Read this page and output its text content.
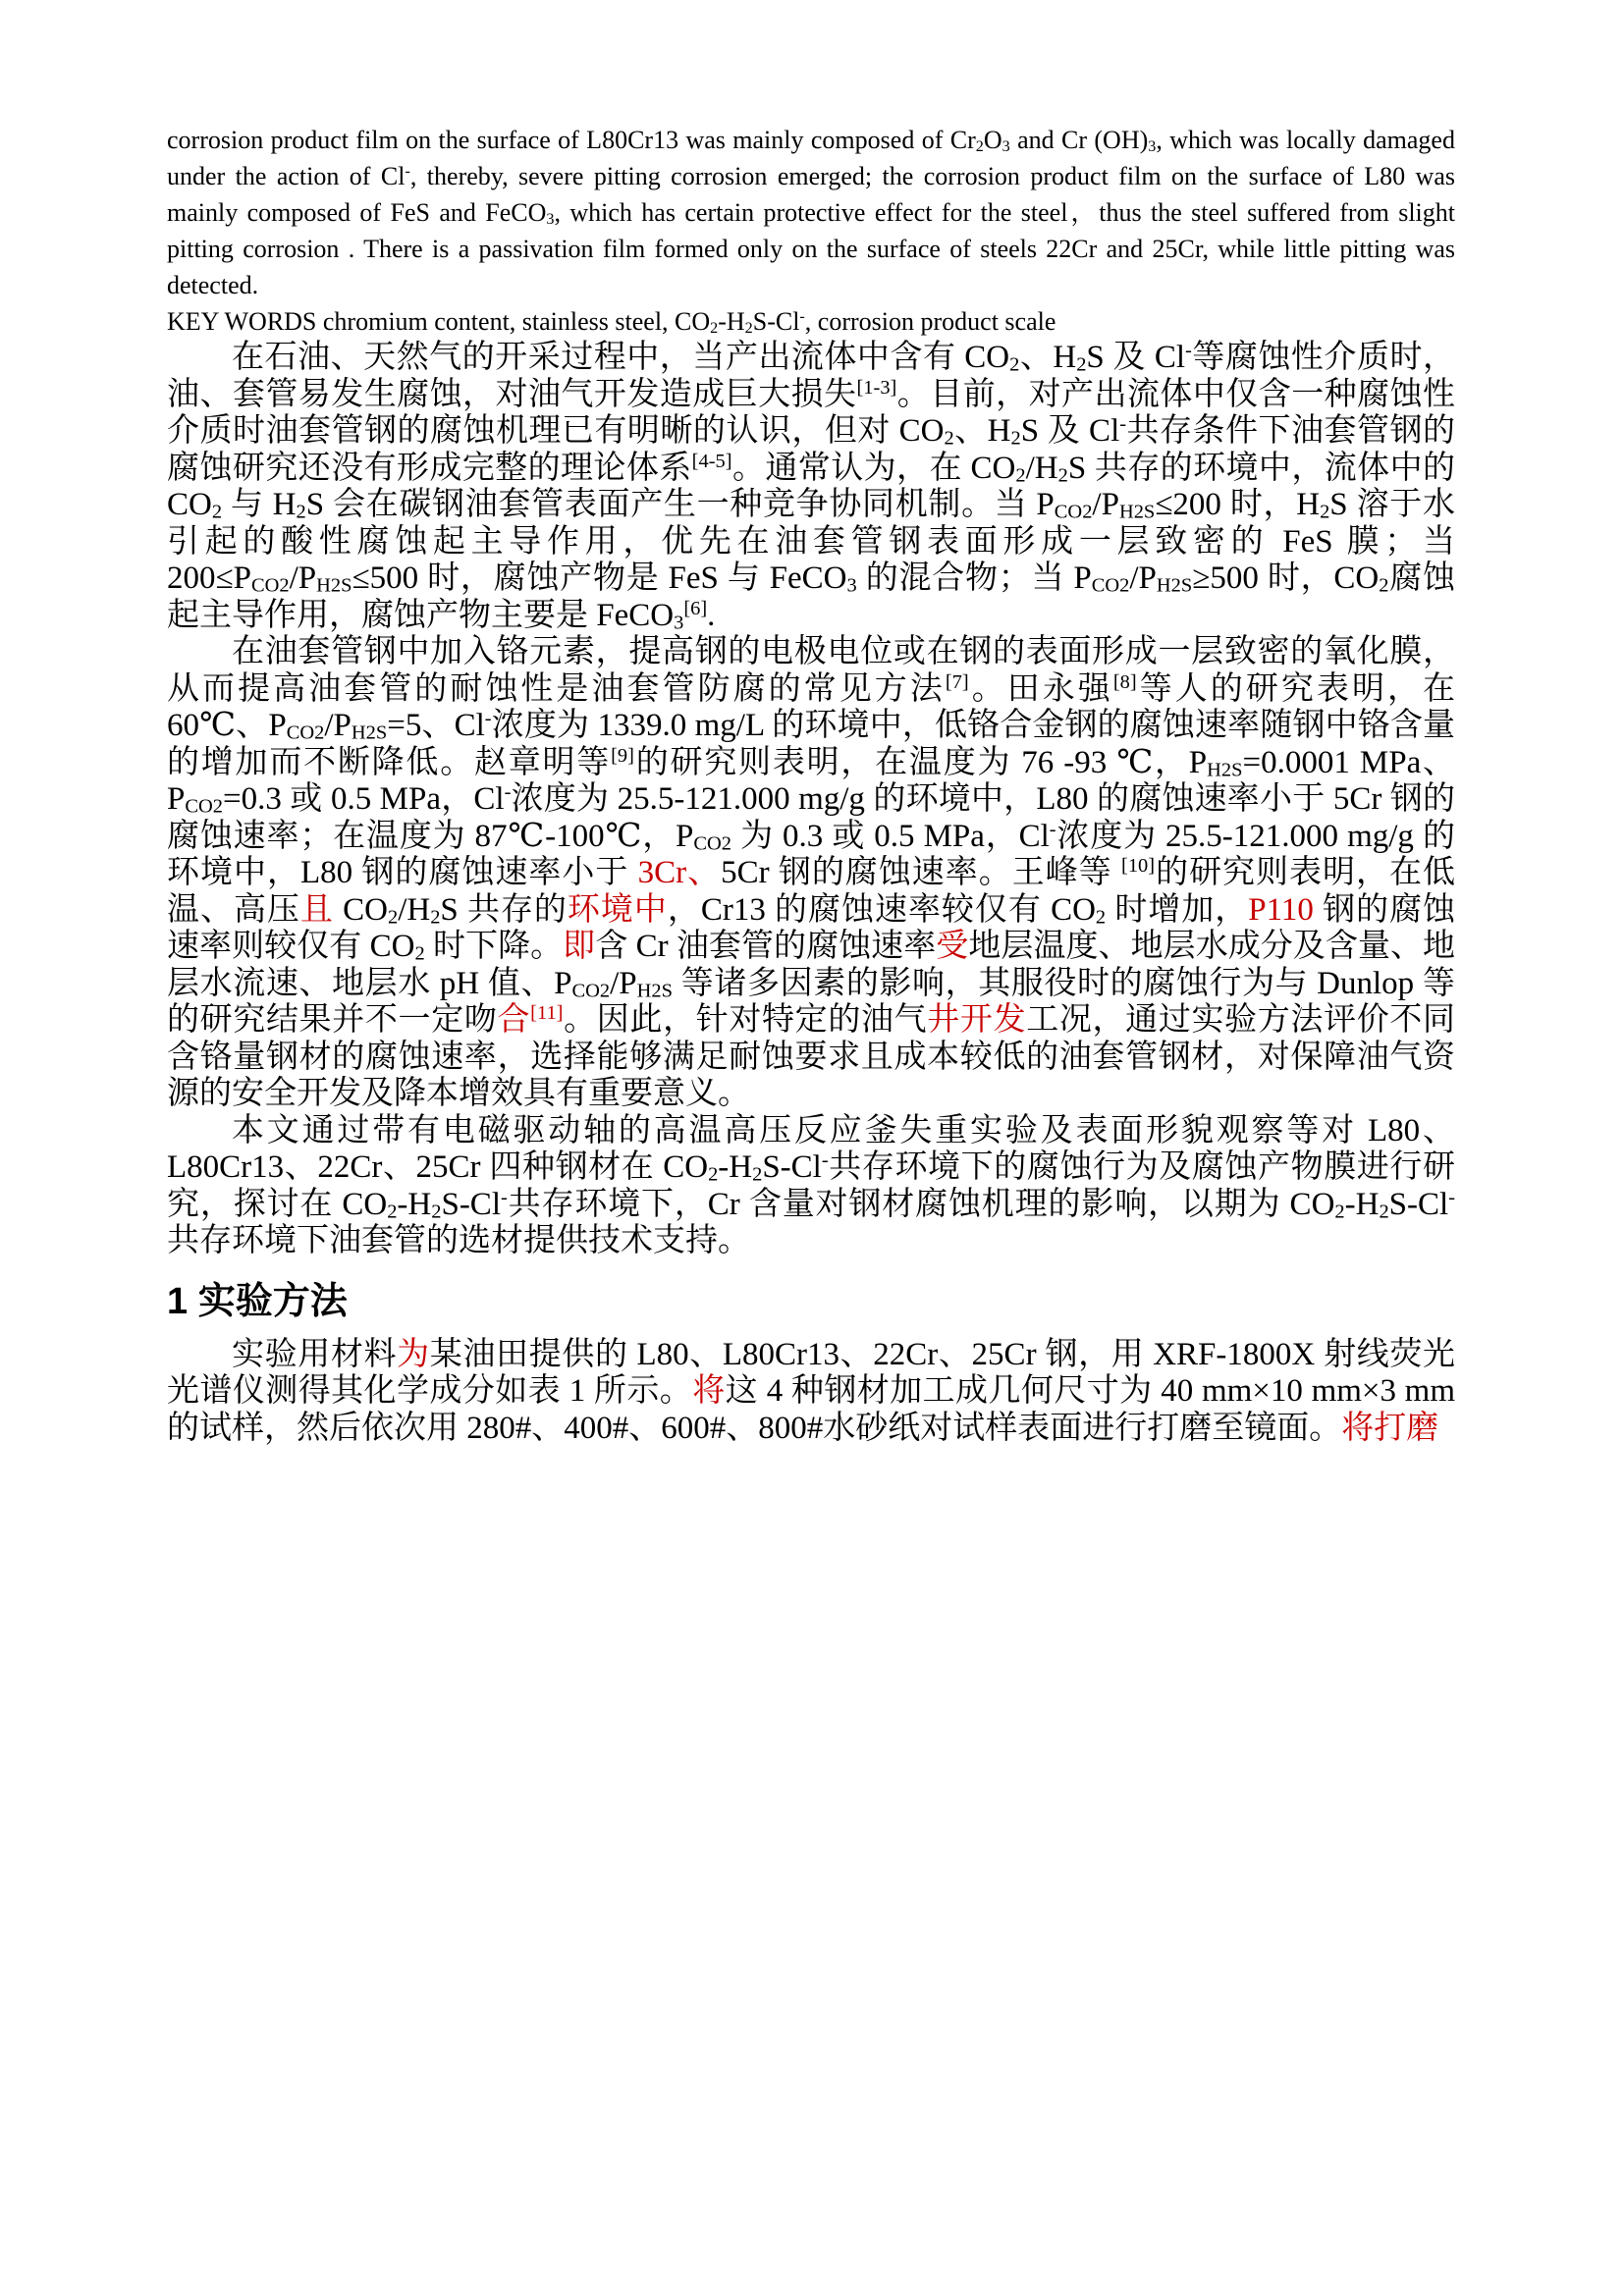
corrosion product film on the surface of L80Cr13 was mainly composed of $Cr_2O_3$ and Cr $(OH)_3$, which was locally damaged under the action of Cl-, thereby, severe pitting corrosion emerged; the corrosion product film on the surface of L80 was mainly composed of FeS and FeCO$_3$, which has certain protective effect for the steel，thus the steel suffered from slight pitting corrosion . There is a passivation film formed only on the surface of steels 22Cr and 25Cr, while little pitting was detected.

KEY WORDS chromium content, stainless steel, $CO_2-H_2S-Cl^-$, corrosion product scale

在石油、天然气的开采过程中，当产出流体中含有 $CO_2$、$H_2S$ 及 Cl-等腐蚀性介质时，油、套管易发生腐蚀，对油气开发造成巨大损失[1-3]。目前，对产出流体中仅含一种腐蚀性介质时油套管钢的腐蚀机理已有明晰的认识，但对 $CO_2$、$H_2S$ 及 Cl-共存条件下油套管钢的腐蚀研究还没有形成完整的理论体系[4-5]。通常认为，在 $CO_2/H_2S$ 共存的环境中，流体中的 $CO_2$ 与 $H_2S$ 会在碳钢油套管表面产生一种竞争协同机制。当 $P_{CO2}/P_{H2S}\le 200$ 时，$H_2S$ 溶于水引起的酸性腐蚀起主导作用，优先在油套管钢表面形成一层致密的 FeS 膜；当 $200\le P_{CO2}/P_{H2S}\le 500$ 时，腐蚀产物是 FeS 与 FeCO$_3$ 的混合物；当 $P_{CO2}/P_{H2S}\ge 500$ 时，$CO_2$腐蚀起主导作用，腐蚀产物主要是 FeCO$_3$[6].

在油套管钢中加入铬元素，提高钢的电极电位或在钢的表面形成一层致密的氧化膜，从而提高油套管的耐蚀性是油套管防腐的常见方法[7]。田永强[8]等人的研究表明，在 60℃、$P_{CO2}/P_{H2S}=5$、Cl-浓度为 1339.0 mg/L 的环境中，低铬合金钢的腐蚀速率随钢中铬含量的增加而不断降低。赵章明等[9]的研究则表明，在温度为 76 -93 ℃，$P_{H2S}=0.0001$ MPa、$P_{CO2}=0.3$ 或 0.5 MPa，Cl-浓度为 25.5-121.000 mg/g 的环境中，L80 的腐蚀速率小于 5Cr 钢的腐蚀速率；在温度为 87℃-100℃，$P_{CO2}$ 为 0.3 或 0.5 MPa，Cl-浓度为 25.5-121.000 mg/g 的环境中，L80 钢的腐蚀速率小于 3Cr、5Cr 钢的腐蚀速率。王峰等 [10]的研究则表明，在低温、高压且 $CO_2/H_2S$ 共存的环境中，Cr13 的腐蚀速率较仅有 $CO_2$ 时增加，P110 钢的腐蚀速率则较仅有 $CO_2$ 时下降。即含 Cr 油套管的腐蚀速率受地层温度、地层水成分及含量、地层水流速、地层水 pH 值、$P_{CO2}/P_{H2S}$ 等诸多因素的影响，其服役时的腐蚀行为与 Dunlop 等的研究结果并不一定吻合[11]。因此，针对特定的油气井开发工况，通过实验方法评价不同含铬量钢材的腐蚀速率，选择能够满足耐蚀要求且成本较低的油套管钢材，对保障油气资源的安全开发及降本增效具有重要意义。

本文通过带有电磁驱动轴的高温高压反应釜失重实验及表面形貌观察等对 L80、L80Cr13、22Cr、25Cr 四种钢材在 $CO_2-H_2S-Cl^-$共存环境下的腐蚀行为及腐蚀产物膜进行研究，探讨在 $CO_2-H_2S-Cl^-$共存环境下，Cr 含量对钢材腐蚀机理的影响，以期为 $CO_2-H_2S-Cl^-$共存环境下油套管的选材提供技术支持。

1 实验方法

实验用材料为某油田提供的 L80、L80Cr13、22Cr、25Cr 钢，用 XRF-1800X 射线荧光光谱仪测得其化学成分如表 1 所示。将这 4 种钢材加工成几何尺寸为 40 mm×10 mm×3 mm 的试样，然后依次用 280#、400#、600#、800#水砂纸对试样表面进行打磨至镜面。将打磨
